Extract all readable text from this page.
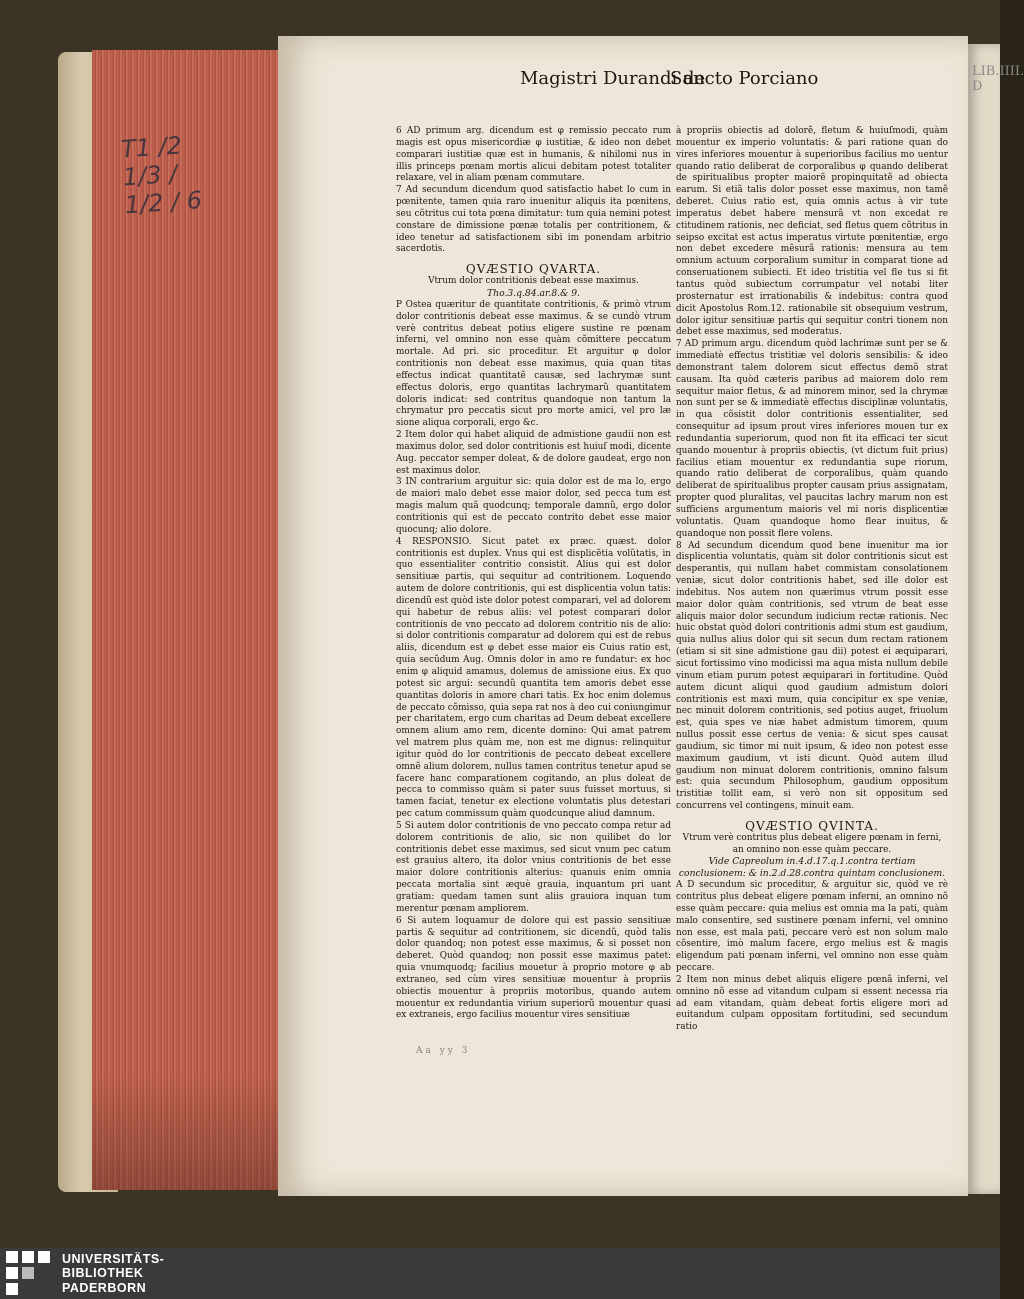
T1 /2 1/3 / 1/2 / 6
LIB.IIII. D
Magistri Durandi de
Sancto Porciano

6 AD primum arg. dicendum est φ remissio peccato rum magis est opus misericordiæ φ iustitiæ, & ideo non debet comparari iustitiæ quæ est in humanis, & nihilomi nus in illis princeps pœnam mortis alicui debitam potest totaliter relaxare, vel in aliam pœnam commutare.

7 Ad secundum dicendum quod satisfactio habet lo cum in pœnitente, tamen quia raro inuenitur aliquis ita pœnitens, seu cõtritus cui tota pœna dimitatur: tum quia nemini potest constare de dimissione pœnæ totalis per contritionem, & ideo tenetur ad satisfactionem sibi im ponendam arbitrio sacerdotis.

QVÆSTIO QVARTA.

Vtrum dolor contritionis debeat esse maximus.

Tho.3.q.84.ar.8.& 9.

P Ostea quæritur de quantitate contritionis, & primò vtrum dolor contritionis debeat esse maximus. & se cundò vtrum verè contritus debeat potius eligere sustine re pœnam inferni, vel omnino non esse quàm cõmittere peccatum mortale. Ad pri. sic proceditur. Et arguitur φ dolor contritionis non debeat esse maximus, quia quan titas effectus indicat quantitatẽ causæ, sed lachrymæ sunt effectus doloris, ergo quantitas lachrymarũ quantitatem doloris indicat: sed contritus quandoque non tantum la chrymatur pro peccatis sicut pro morte amici, vel pro læ sione aliqua corporali, ergo &c.

2 Item dolor qui habet aliquid de admistione gaudii non est maximus dolor, sed dolor contritionis est huiuſ modi, dicente Aug. peccator semper doleat, & de dolore gaudeat, ergo non est maximus dolor.

3 IN contrarium arguitur sic: quia dolor est de ma lo, ergo de maiori malo debet esse maior dolor, sed pecca tum est magis malum quã quodcunq; temporale damnũ, ergo dolor contritionis qui est de peccato contrito debet esse maior quocunq; alio dolore.

4 RESPONSIO. Sicut patet ex præc. quæst. dolor contritionis est duplex. Vnus qui est displicẽtia volũtatis, in quo essentialiter contritio consistit. Alius qui est dolor sensitiuæ partis, qui sequitur ad contritionem. Loquendo autem de dolore contritionis, qui est displicentia volun tatis: dicendũ est quòd iste dolor potest comparari, vel ad dolorem qui habetur de rebus aliis: vel potest comparari dolor contritionis de vno peccato ad dolorem contritio nis de alio: si dolor contritionis comparatur ad dolorem qui est de rebus aliis, dicendum est φ debet esse maior eis Cuius ratio est, quia secũdum Aug. Omnis dolor in amo re fundatur: ex hoc enim φ aliquid amamus, dolemus de amissione eius. Ex quo potest sic argui: secundũ quantita tem amoris debet esse quantitas doloris in amore chari tatis. Ex hoc enim dolemus de peccato cõmisso, quia sepa rat nos à deo cui coniungimur per charitatem, ergo cum charitas ad Deum debeat excellere omnem alium amo rem, dicente domino: Qui amat patrem vel matrem plus quàm me, non est me dignus: relinquitur igitur quòd do lor contritionis de peccato debeat excellere omnẽ alium dolorem, nullus tamen contritus tenetur apud se facere hanc comparationem cogitando, an plus doleat de pecca to commisso quàm si pater suus fuisset mortuus, si tamen faciat, tenetur ex electione voluntatis plus detestari pec catum commissum quàm quodcunque aliud damnum.

5 Si autem dolor contritionis de vno peccato compa retur ad dolorem contritionis de alio, sic non quilibet do lor contritionis debet esse maximus, sed sicut vnum pec catum est grauius altero, ita dolor vnius contritionis de bet esse maior dolore contritionis alterius: quanuis enim omnia peccata mortalia sint æquè grauia, inquantum pri uant gratiam: quedam tamen sunt aliis grauiora inquan tum merentur pœnam ampliorem.

6 Si autem loquamur de dolore qui est passio sensitiuæ partis & sequitur ad contritionem, sic dicendũ, quòd talis dolor quandoq; non potest esse maximus, & si posset non deberet. Quòd quandoq; non possit esse maximus patet: quia vnumquodq; facilius mouetur à proprio motore φ ab extraneo, sed cùm vires sensitiuæ mouentur à propriis obiectis mouentur à propriis motoribus, quando autem mouentur ex redundantia virium superiorũ mouentur quasi ex extraneis, ergo facilius mouentur vires sensitiuæ

à propriis obiectis ad dolorẽ, fletum & huiuſmodi, quàm mouentur ex imperio voluntatis: & pari ratione quan do vires inferiores mouentur à superioribus facilius mo uentur quando ratio deliberat de corporalibus φ quando deliberat de spiritualibus propter maiorẽ propinquitatẽ ad obiecta earum. Si etiã talis dolor posset esse maximus, non tamẽ deberet. Cuius ratio est, quia omnis actus à vir tute imperatus debet habere mensurã vt non excedat re ctitudinem rationis, nec deficiat, sed fletus quem cõtritus in seipso excitat est actus imperatus virtute pœnitentiæ, ergo non debet excedere mẽsurã rationis: mensura au tem omnium actuum corporalium sumitur in comparat tione ad conseruationem subiecti. Et ideo tristitia vel fle tus si fit tantus quòd subiectum corrumpatur vel notabi liter prosternatur est irrationabilis & indebitus: contra quod dicit Apostolus Rom.12. rationabile sit obsequium vestrum, dolor igitur sensitiuæ partis qui sequitur contri tionem non debet esse maximus, sed moderatus.

7 AD primum argu. dicendum quòd lachrimæ sunt per se & immediatè effectus tristitiæ vel doloris sensibilis: & ideo demonstrant talem dolorem sicut effectus demõ strat causam. Ita quòd cæteris paribus ad maiorem dolo rem sequitur maior fletus, & ad minorem minor, sed la chrymæ non sunt per se & immediatè effectus disciplinæ voluntatis, in qua cõsistit dolor contritionis essentialiter, sed consequitur ad ipsum prout vires inferiores mouen tur ex redundantia superiorum, quod non fit ita efficaci ter sicut quando mouentur à propriis obiectis, (vt dictum fuit prius) facilius etiam mouentur ex redundantia supe riorum, quando ratio deliberat de corporalibus, quàm quando deliberat de spiritualibus propter causam prius assignatam, propter quod pluralitas, vel paucitas lachry marum non est sufficiens argumentum maioris vel mi noris displicentiæ voluntatis. Quam quandoque homo flear inuitus, & quandoque non possit flere volens.

8 Ad secundum dicendum quod bene inuenitur ma ior displicentia voluntatis, quàm sit dolor contritionis sicut est desperantis, qui nullam habet commistam consolationem veniæ, sicut dolor contritionis habet, sed ille dolor est indebitus. Nos autem non quærimus vtrum possit esse maior dolor quàm contritionis, sed vtrum de beat esse aliquis maior dolor secundum iudicium rectæ rationis. Nec huic obstat quòd dolori contritionis admi stum est gaudium, quia nullus alius dolor qui sit secun dum rectam rationem (etiam si sit sine admistione gau dii) potest ei æquiparari, sicut fortissimo vino modicissi ma aqua mista nullum debile vinum etiam purum potest æquiparari in fortitudine. Quòd autem dicunt aliqui quod gaudium admistum dolori contritionis est maxi mum, quia concipitur ex spe veniæ, nec minuit dolorem contritionis, sed potius auget, friuolum est, quia spes ve niæ habet admistum timorem, quum nullus possit esse certus de venia: & sicut spes causat gaudium, sic timor mi nuit ipsum, & ideo non potest esse maximum gaudium, vt isti dicunt. Quòd autem illud gaudium non minuat dolorem contritionis, omnino falsum est: quia secundum Philosophum, gaudium oppositum tristitiæ tollit eam, si verò non sit oppositum sed concurrens vel contingens, minuit eam.

QVÆSTIO QVINTA.

Vtrum verè contritus plus debeat eligere pœnam in ferni, an omnino non esse quàm peccare.

Vide Capreolum in.4.d.17.q.1.contra tertiam conclusionem: & in.2.d.28.contra quintam conclusionem.

A D secundum sic proceditur, & arguitur sic, quòd ve rè contritus plus debeat eligere pœnam inferni, an omnino nõ esse quàm peccare: quia melius est omnia ma la pati, quàm malo consentire, sed sustinere pœnam inferni, vel omnino non esse, est mala pati, peccare verò est non solum malo cõsentire, imò malum facere, ergo melius est & magis eligendum pati pœnam inferni, vel omnino non esse quàm peccare.

2 Item non minus debet aliquis eligere pœnã inferni, vel omnino nõ esse ad vitandum culpam si essent necessa ria ad eam vitandam, quàm debeat fortis eligere mori ad euitandum culpam oppositam fortitudini, sed secundum ratio

Aa yy 3
UNIVERSITÄTS-
BIBLIOTHEK
PADERBORN
